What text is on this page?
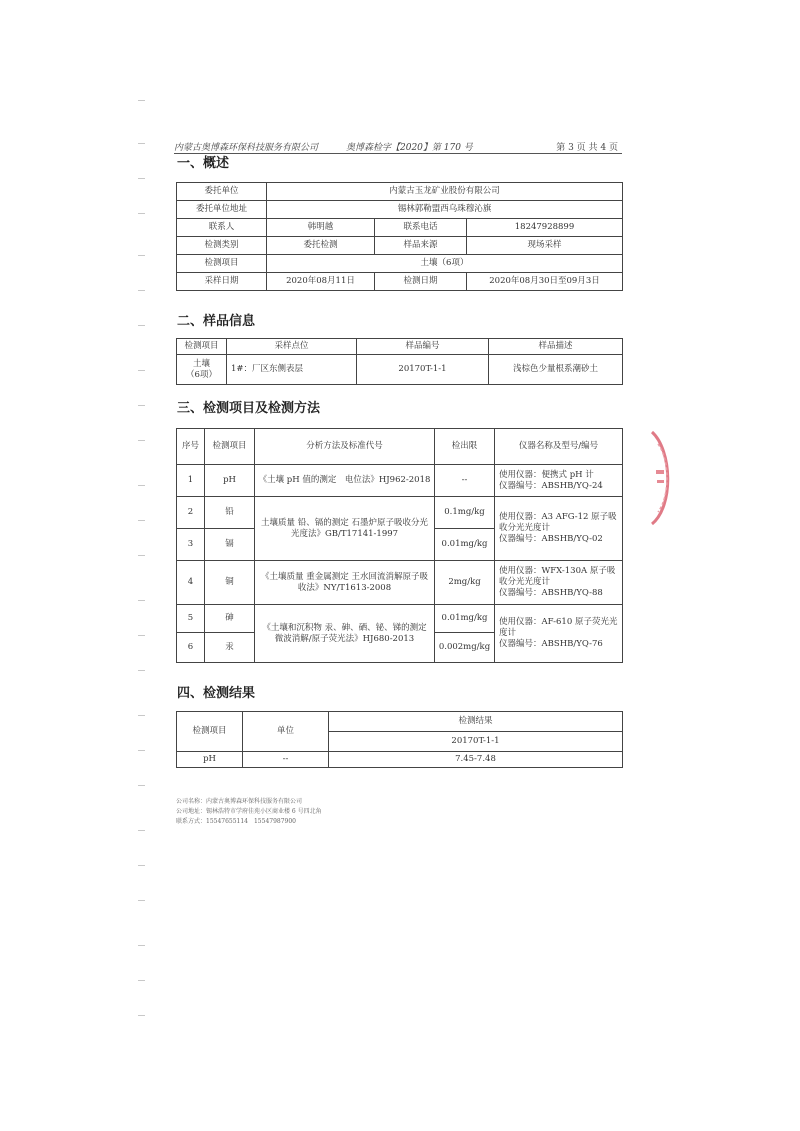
内蒙古奥博森环保科技服务有限公司	奥博森检字【2020】第 170 号	第 3 页 共 4 页
一、概述
委托单位	内蒙古玉龙矿业股份有限公司		
委托单位地址	锡林郭勒盟西乌珠穆沁旗		
联系人	韩明越	联系电话	18247928899
检测类别	委托检测	样品来源	现场采样
检测项目	土壤（6项）		
采样日期	2020年08月11日	检测日期	2020年08月30日至09月3日
二、样品信息
检测项目	采样点位	样品编号	样品描述

土壤
（6项）	1#：厂区东侧表层	20170T-1-1	浅棕色少量根系潮砂土
三、检测项目及检测方法
序号	检测项目	分析方法及标准代号	检出限	仪器名称及型号/编号
1	pH	《土壤 pH 值的测定　电位法》HJ962-2018	--	使用仪器：便携式 pH 计
仪器编号：ABSHB/YQ-24

2	铅	土壤质量 铅、镉的测定 石墨炉原子吸收分光光度法》GB/T17141-1997	0.1mg/kg	使用仪器：A3 AFG-12 原子吸收分光光度计
仪器编号：ABSHB/YQ-02

3	镉		0.01mg/kg	
4	铜	《土壤质量 重金属测定 王水回流消解原子吸收法》NY/T1613-2008	2mg/kg	使用仪器：WFX-130A 原子吸收分光光度计
仪器编号：ABSHB/YQ-88

5	砷	《土壤和沉积物 汞、砷、硒、铋、锑的测定 微波消解/原子荧光法》HJ680-2013	0.01mg/kg	使用仪器：AF-610 原子荧光光度计
仪器编号：ABSHB/YQ-76

6	汞		0.002mg/kg	
四、检测结果
检测项目	单位	检测结果
		20170T-1-1
pH	--	7.45-7.48
公司名称：内蒙古奥博森环保科技服务有限公司
公司地址：锡林浩特市学府佳苑小区商业楼 6 号四北角
联系方式：15547655114　15547987900
